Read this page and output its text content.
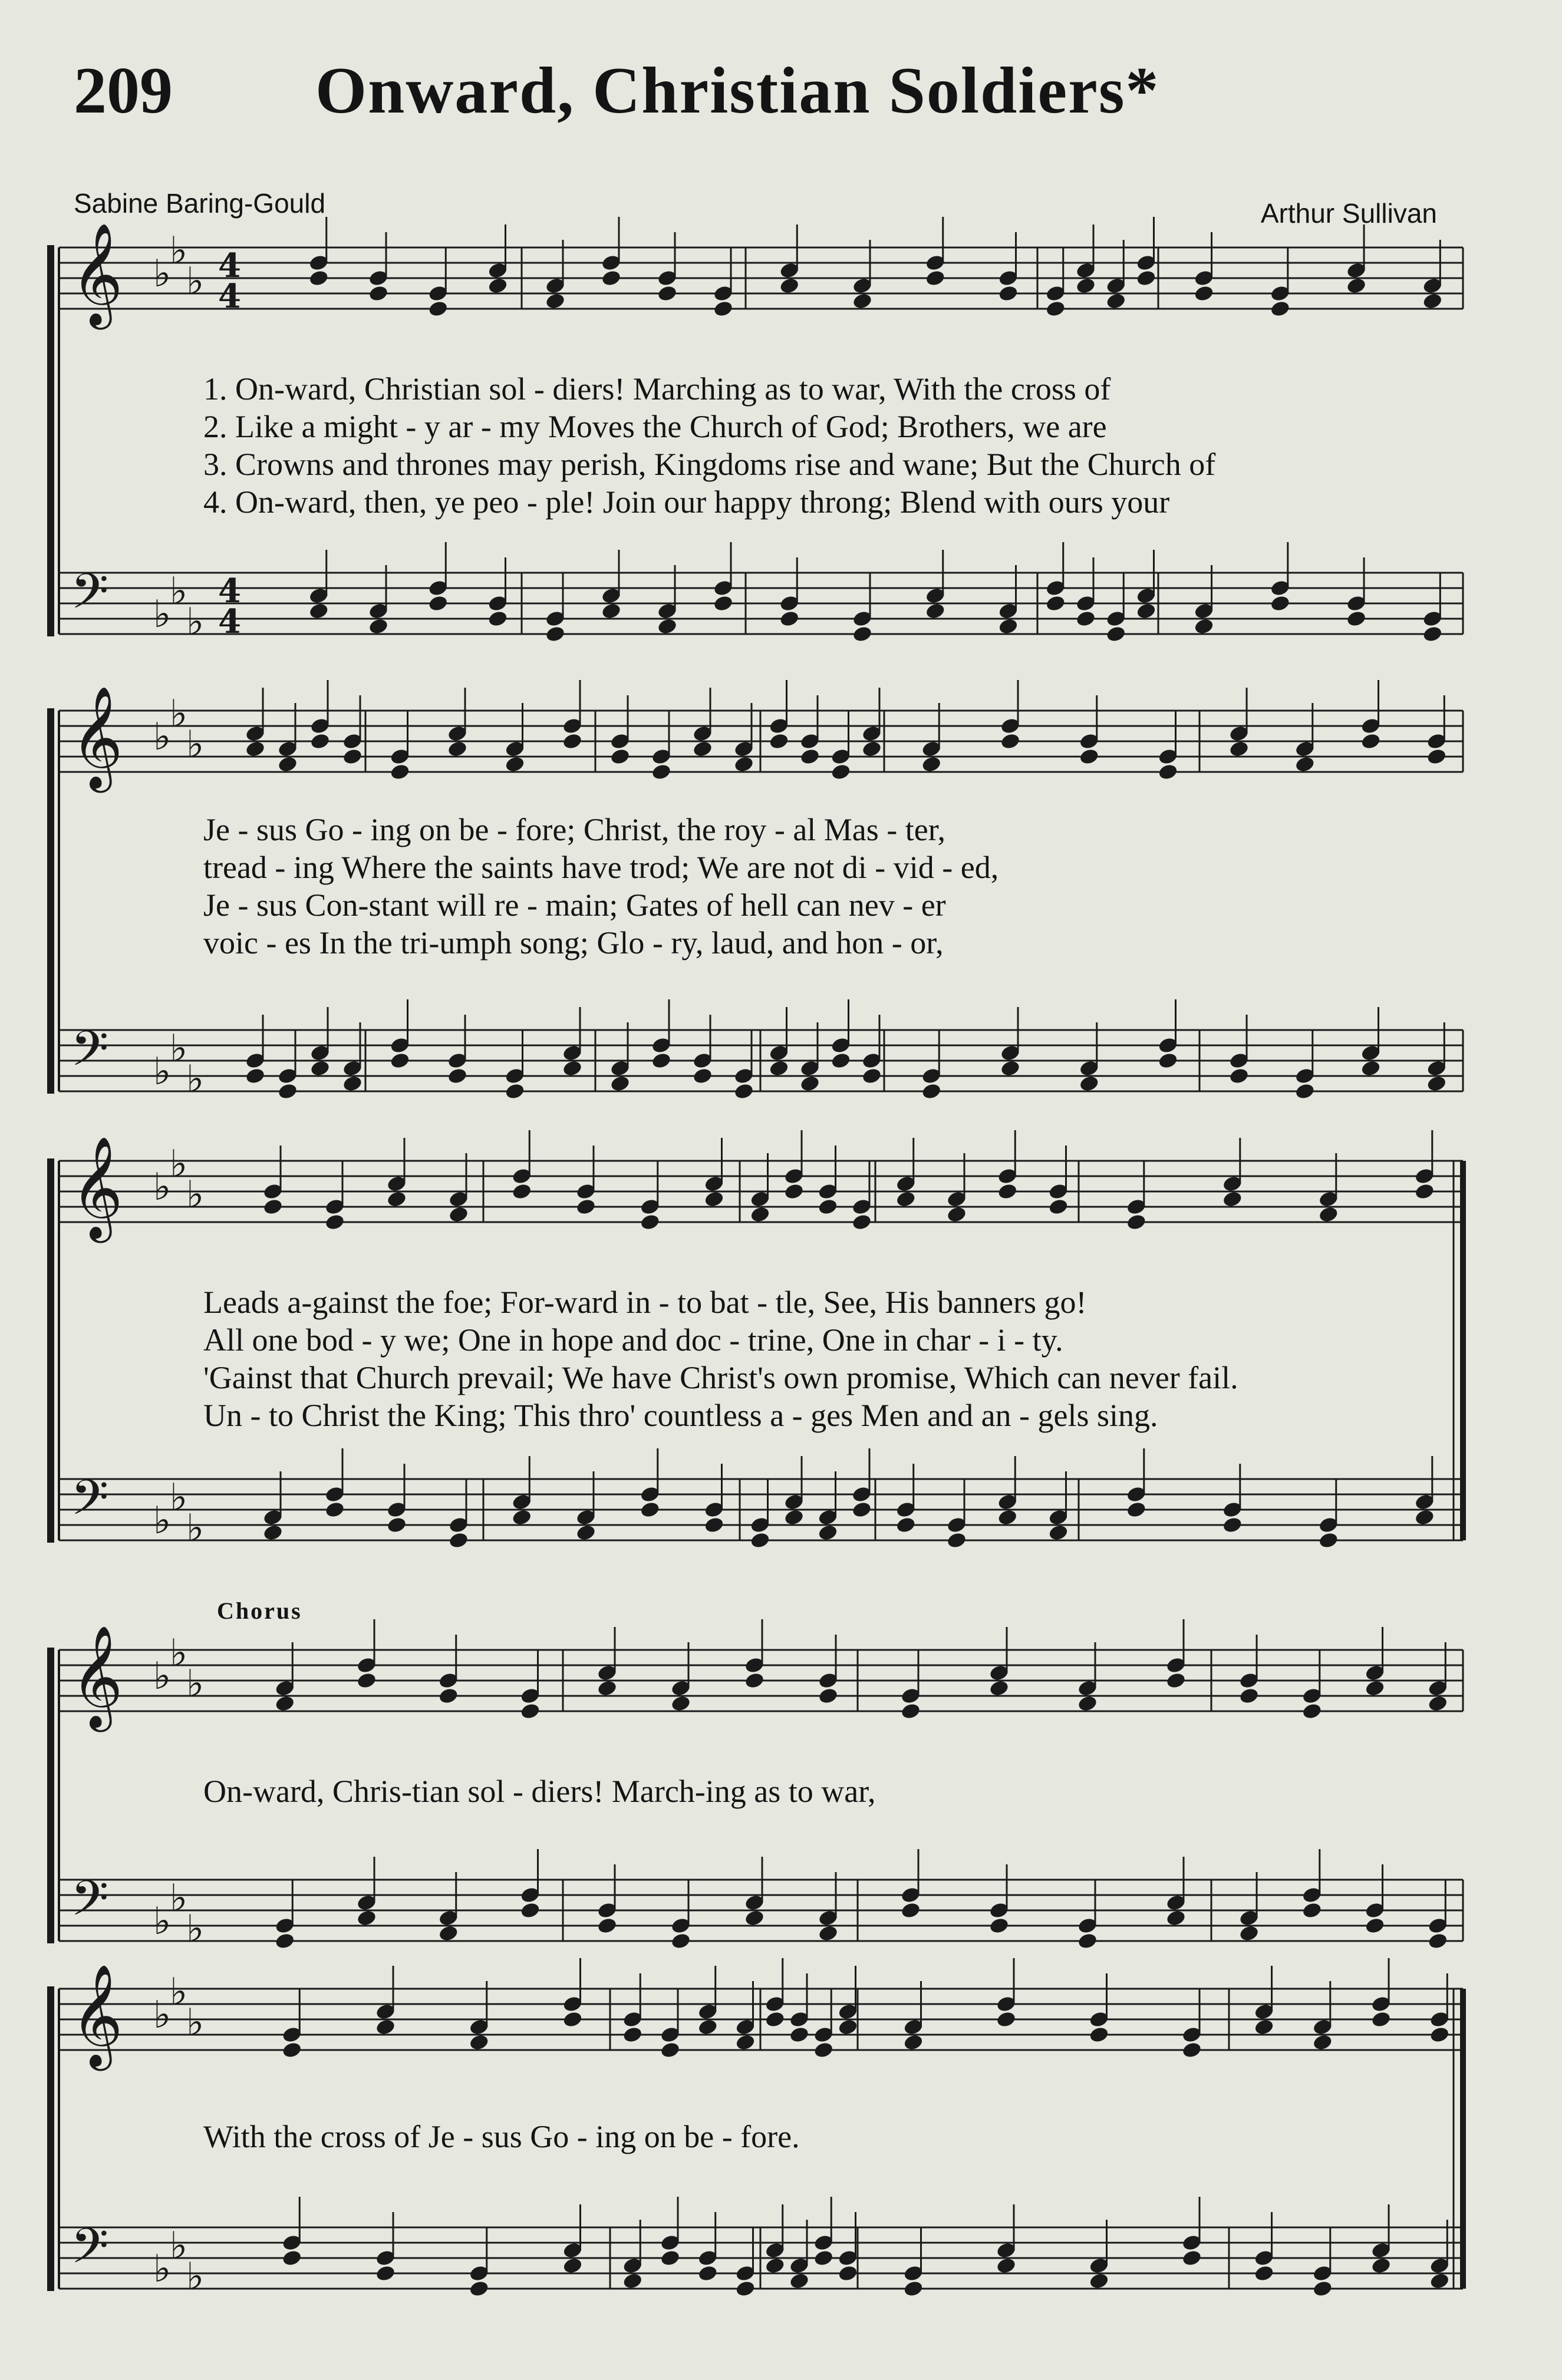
209 Onward, Christian Soldiers*
Sabine Baring-Gould	Arthur Sullivan
𝄞 ♭
♭
♭ 4
4
𝄢 ♭
♭
♭
4
4
𝄞 ♭
♭
♭
𝄢 ♭
♭
♭
𝄞 ♭
♭
♭
𝄢 ♭
♭
♭
𝄞 ♭
♭
♭
𝄢 ♭
♭
♭
𝄞 ♭
♭
♭
𝄢 ♭
♭
♭
1. On-ward, Christian sol - diers! Marching as to war, With the cross of
2. Like a might - y ar - my Moves the Church of God; Brothers, we are
3. Crowns and thrones may perish, Kingdoms rise and wane; But the Church of
4. On-ward, then, ye peo - ple! Join our happy throng; Blend with ours your
Je - sus Go - ing on be - fore; Christ, the roy - al Mas - ter,
tread - ing Where the saints have trod; We are not di - vid - ed,
Je - sus Con-stant will re - main; Gates of hell can nev - er
voic - es In the tri-umph song; Glo - ry, laud, and hon - or,
Leads a-gainst the foe; For-ward in - to bat - tle, See, His banners go!
All one bod - y we; One in hope and doc - trine, One in char - i - ty.
'Gainst that Church prevail; We have Christ's own promise, Which can never fail.
Un - to Christ the King; This thro' countless a - ges Men and an - gels sing.
Chorus
On-ward, Chris-tian sol - diers! March-ing as to war,
With the cross of Je - sus Go - ing on be - fore.
